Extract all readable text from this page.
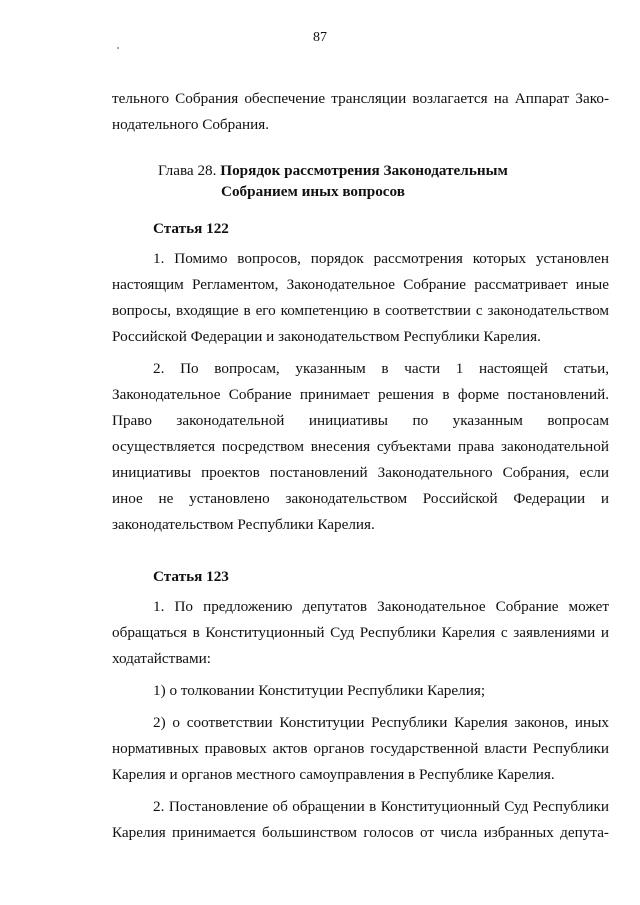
87

тельного Собрания обеспечение трансляции возлагается на Аппарат Зако-

нодательного Собрания.

Глава 28. Порядок рассмотрения Законодательным
Собранием иных вопросов

Статья 122

1. Помимо вопросов, порядок рассмотрения которых установлен настоящим Регламентом, Законодательное Собрание рассматривает иные вопросы, входящие в его компетенцию в соответствии с законодательством Российской Федерации и законодательством Республики Карелия.

2. По вопросам, указанным в части 1 настоящей статьи, Законодательное Собрание принимает решения в форме постановлений. Право законодательной инициативы по указанным вопросам осуществляется посредством внесения субъектами права законодательной инициативы проектов постановлений Законодательного Собрания, если иное не установлено законодательством Российской Федерации и законодательством Республики Карелия.

Статья 123

1. По предложению депутатов Законодательное Собрание может обращаться в Конституционный Суд Республики Карелия с заявлениями и ходатайствами:

1) о толковании Конституции Республики Карелия;

2) о соответствии Конституции Республики Карелия законов, иных нормативных правовых актов органов государственной власти Республики Карелия и органов местного самоуправления в Республике Карелия.

2. Постановление об обращении в Конституционный Суд Республики Карелия принимается большинством голосов от числа избранных депута-
